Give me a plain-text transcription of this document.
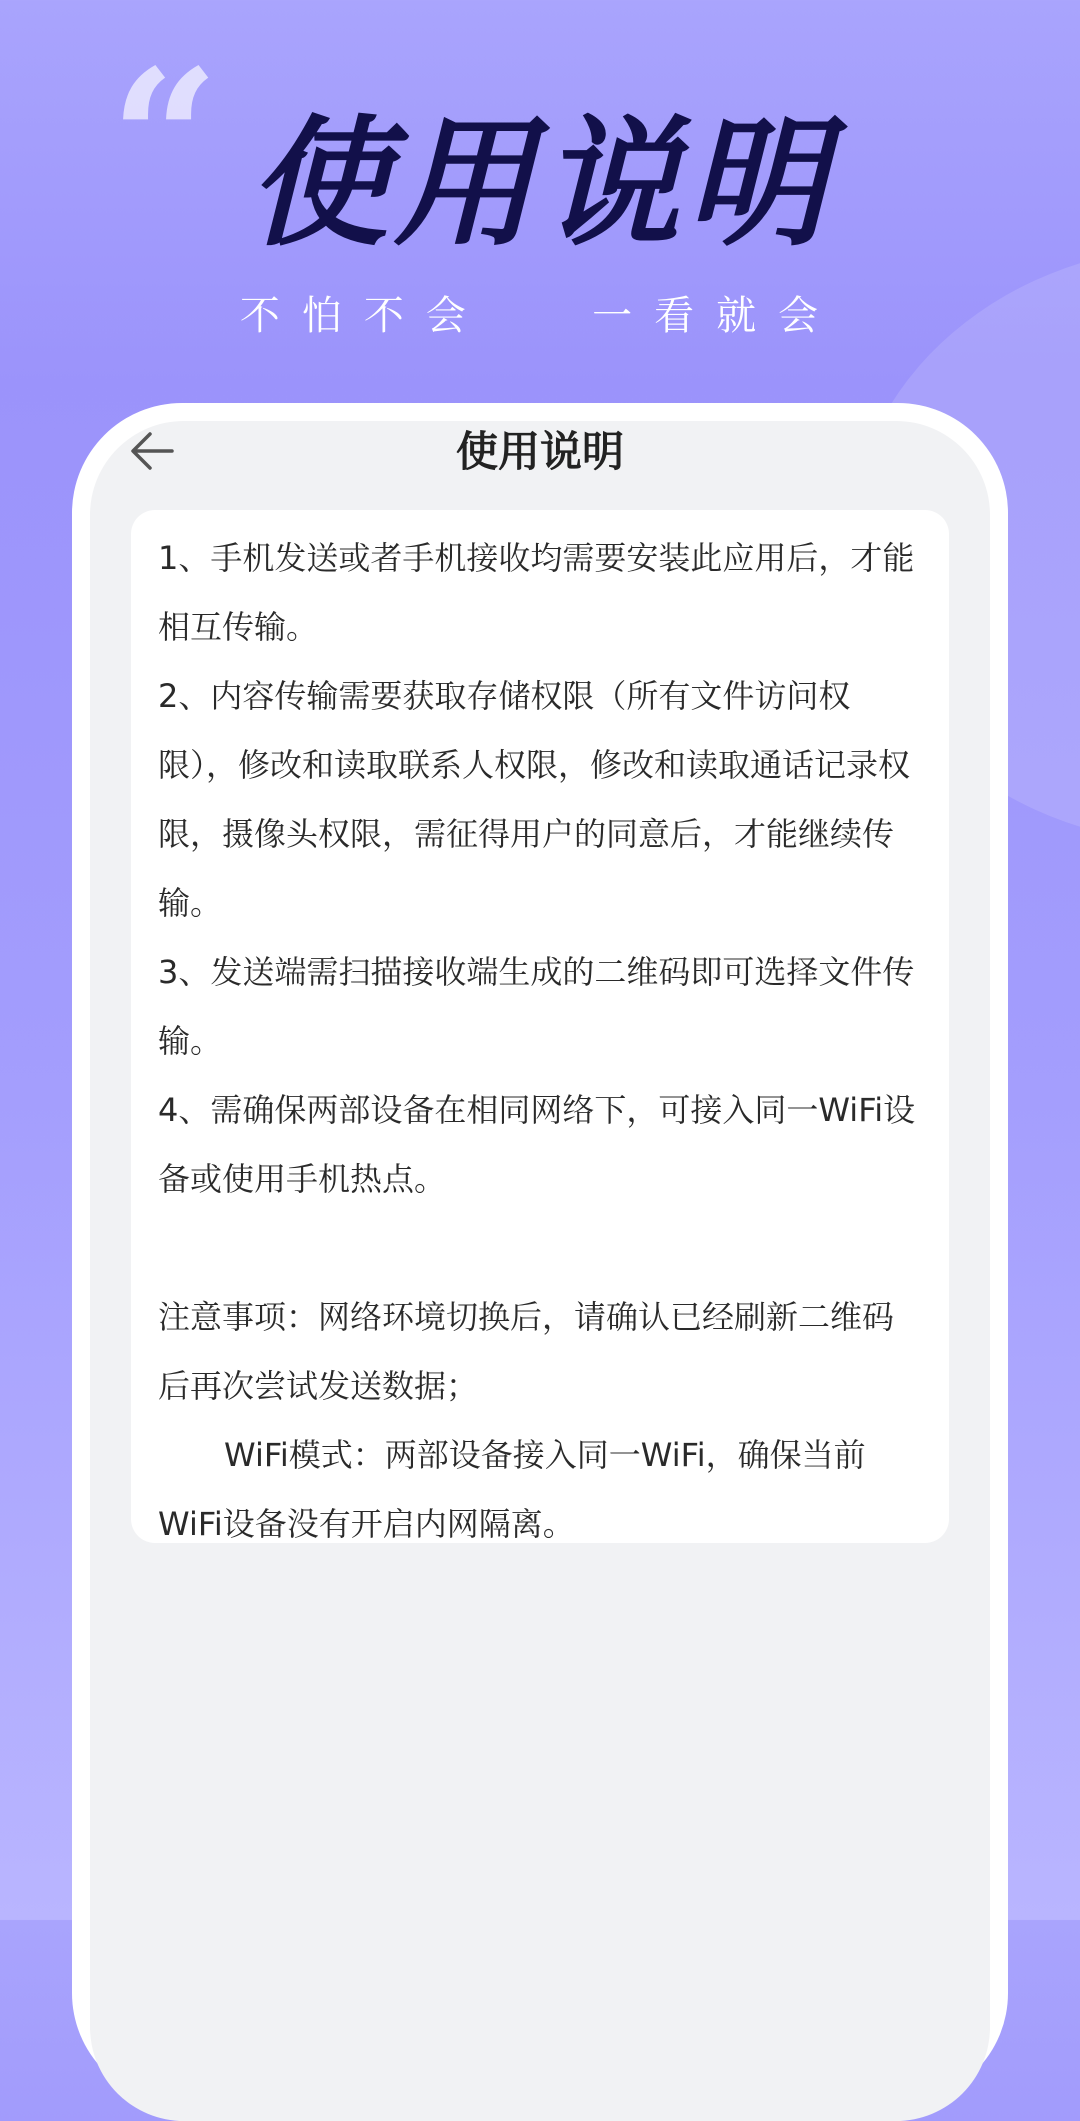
“ 使用说明
不怕不会   一看就会
使用说明

1、手机发送或者手机接收均需要安装此应用后，才能相互传输。

2、内容传输需要获取存储权限（所有文件访问权限），修改和读取联系人权限，修改和读取通话记录权限，摄像头权限，需征得用户的同意后，才能继续传输。

3、发送端需扫描接收端生成的二维码即可选择文件传输。

4、需确保两部设备在相同网络下，可接入同一WiFi设备或使用手机热点。

注意事项：网络环境切换后，请确认已经刷新二维码后再次尝试发送数据；

WiFi模式：两部设备接入同一WiFi，确保当前WiFi设备没有开启内网隔离。
